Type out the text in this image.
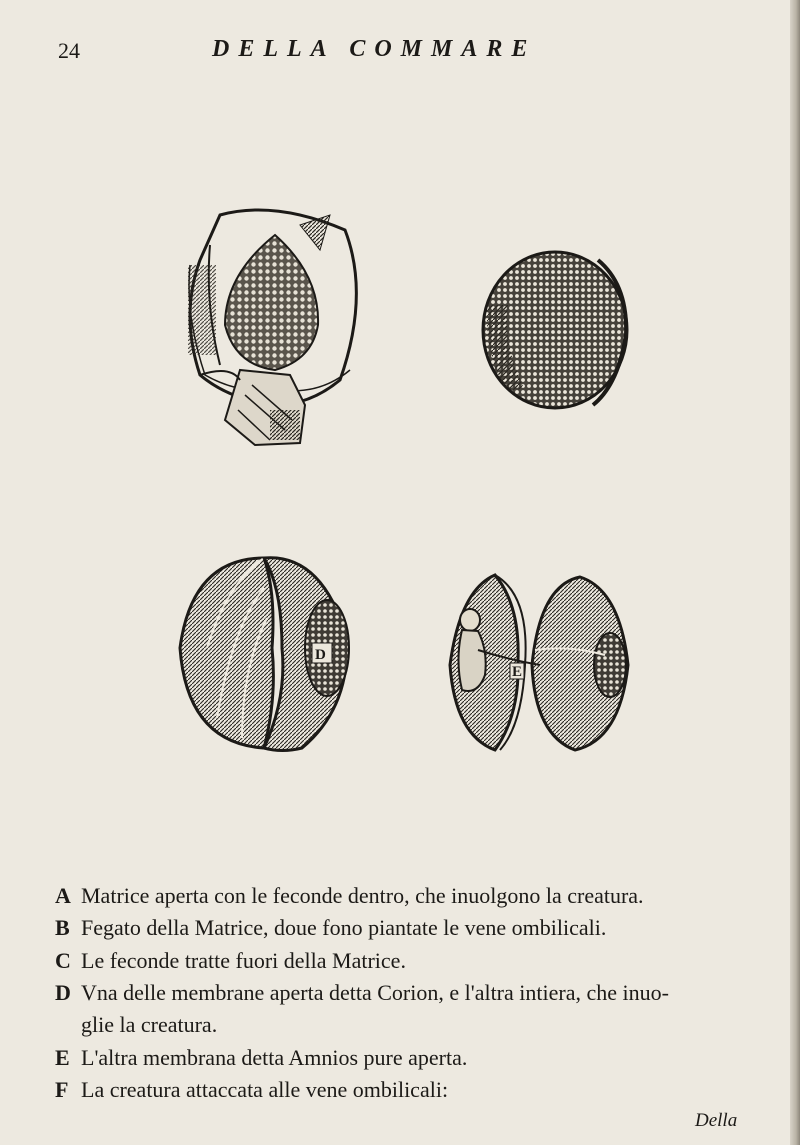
24	DELLA COMMARE
D
E
A Matrice aperta con le feconde dentro, che inuolgono la creatura.
B Fegato della Matrice, doue fono piantate le vene ombilicali.
C Le feconde tratte fuori della Matrice.
D Vna delle membrane aperta detta Corion, e l'altra intiera, che inuo-
glie la creatura.
E L'altra membrana detta Amnios pure aperta.
F La creatura attaccata alle vene ombilicali:
Della
